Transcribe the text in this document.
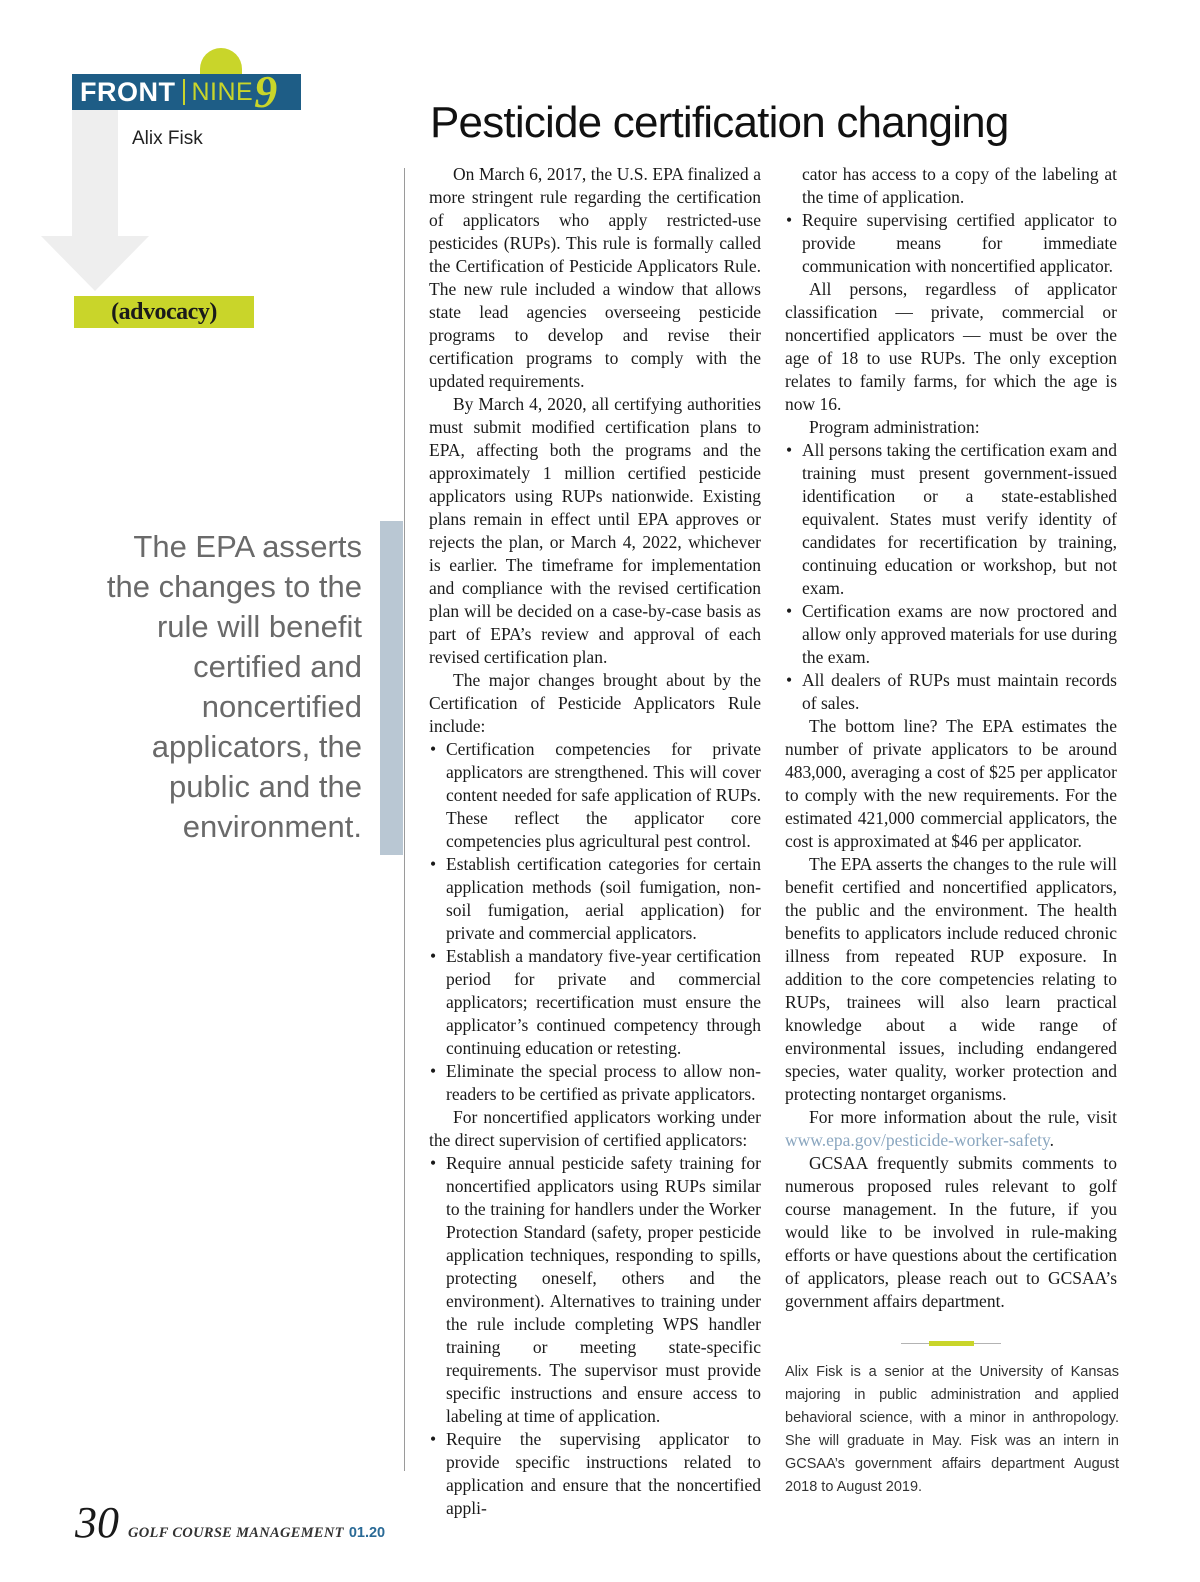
FRONT NINE 9
Alix Fisk
(advocacy)
The EPA asserts the changes to the rule will benefit certified and noncertified applicators, the public and the environment.
Pesticide certification changing

On March 6, 2017, the U.S. EPA finalized a more stringent rule regarding the certification of applicators who apply restricted-use pesticides (RUPs). This rule is formally called the Certification of Pesticide Applicators Rule. The new rule included a window that allows state lead agencies overseeing pesticide programs to develop and revise their certification programs to comply with the updated requirements.

By March 4, 2020, all certifying authorities must submit modified certification plans to EPA, affecting both the programs and the approximately 1 million certified pesticide applicators using RUPs nationwide. Existing plans remain in effect until EPA approves or rejects the plan, or March 4, 2022, whichever is earlier. The timeframe for implementation and compliance with the revised certification plan will be decided on a case-by-case basis as part of EPA’s review and approval of each revised certification plan.

The major changes brought about by the Certification of Pesticide Applicators Rule include:

• Certification competencies for private applicators are strengthened. This will cover content needed for safe application of RUPs. These reflect the applicator core competencies plus agricultural pest control.
• Establish certification categories for certain application methods (soil fumigation, non-soil fumigation, aerial application) for private and commercial applicators.
• Establish a mandatory five-year certification period for private and commercial applicators; recertification must ensure the applicator’s continued competency through continuing education or retesting.
• Eliminate the special process to allow non-readers to be certified as private applicators.

For noncertified applicators working under the direct supervision of certified applicators:

• Require annual pesticide safety training for noncertified applicators using RUPs similar to the training for handlers under the Worker Protection Standard (safety, proper pesticide application techniques, responding to spills, protecting oneself, others and the environment). Alternatives to training under the rule include completing WPS handler training or meeting state-specific requirements. The supervisor must provide specific instructions and ensure access to labeling at time of application.
• Require the supervising applicator to provide specific instructions related to application and ensure that the noncertified appli-
cator has access to a copy of the labeling at the time of application.
• Require supervising certified applicator to provide means for immediate communication with noncertified applicator.

All persons, regardless of applicator classification — private, commercial or noncertified applicators — must be over the age of 18 to use RUPs. The only exception relates to family farms, for which the age is now 16.

Program administration:

• All persons taking the certification exam and training must present government-issued identification or a state-established equivalent. States must verify identity of candidates for recertification by training, continuing education or workshop, but not exam.
• Certification exams are now proctored and allow only approved materials for use during the exam.
• All dealers of RUPs must maintain records of sales.

The bottom line? The EPA estimates the number of private applicators to be around 483,000, averaging a cost of $25 per applicator to comply with the new requirements. For the estimated 421,000 commercial applicators, the cost is approximated at $46 per applicator.

The EPA asserts the changes to the rule will benefit certified and noncertified applicators, the public and the environment. The health benefits to applicators include reduced chronic illness from repeated RUP exposure. In addition to the core competencies relating to RUPs, trainees will also learn practical knowledge about a wide range of environmental issues, including endangered species, water quality, worker protection and protecting nontarget organisms.

For more information about the rule, visit www.epa.gov/pesticide-worker-safety.

GCSAA frequently submits comments to numerous proposed rules relevant to golf course management. In the future, if you would like to be involved in rule-making efforts or have questions about the certification of applicators, please reach out to GCSAA’s government affairs department.

Alix Fisk is a senior at the University of Kansas majoring in public administration and applied behavioral science, with a minor in anthropology. She will graduate in May. Fisk was an intern in GCSAA’s government affairs department August 2018 to August 2019.

30 GOLF COURSE MANAGEMENT 01.20
